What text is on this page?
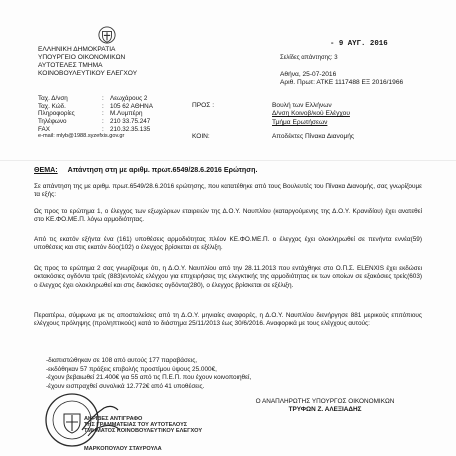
ΕΛΛΗΝΙΚΗ ΔΗΜΟΚΡΑΤΙΑ
ΥΠΟΥΡΓΕΙΟ ΟΙΚΟΝΟΜΙΚΩΝ
ΑΥΤΟΤΕΛΕΣ ΤΜΗΜΑ
ΚΟΙΝΟΒΟΥΛΕΥΤΙΚΟΥ ΕΛΕΓΧΟΥ
Ταχ. Δ/νση	: Λεωχάρους 2
Ταχ. Κώδ.	: 105 62 ΑΘΗΝΑ
Πληροφορίες	: Μ.Λυμπέρη
Τηλέφωνο	: 210 33.75.247
FAX	: 210.32.35.135
e-mail: mlyb@1988.syzefxis.gov.gr
- 9 ΑΥΓ. 2016
Σελίδες απάντησης: 3
Αθήνα, 25-07-2016
Αριθ. Πρωτ: ΑΤΚΕ 1117488 ΕΞ 2016/1966
ΠΡΟΣ :	Βουλή των Ελλήνων
Δ/νση Κοινοβ/κού Ελέγχου
Τμήμα Ερωτήσεων
ΚΟΙΝ:	Αποδέκτες Πίνακα Διανομής
ΘΕΜΑ: Απάντηση στη με αριθμ. πρωτ.6549/28.6.2016 Ερώτηση.

Σε απάντηση της με αριθμ. πρωτ.6549/28.6.2016 ερώτησης, που κατατέθηκε από τους Βουλευτές του Πίνακα Διανομής, σας γνωρίζουμε τα εξής:

Ως προς το ερώτημα 1, ο έλεγχος των εξωχώριων εταιρειών της Δ.Ο.Υ. Ναυπλίου (καταργούμενης της Δ.Ο.Υ. Κρανιδίου) έχει ανατεθεί στο ΚΕ.ΦΟ.ΜΕ.Π. λόγω αρμοδιότητας.

Από τις εκατόν εξήντα ένα (161) υποθέσεις αρμοδιότητας πλέον ΚΕ.ΦΟ.ΜΕ.Π. ο έλεγχος έχει ολοκληρωθεί σε πενήντα εννέα(59) υποθέσεις και στις εκατόν δύο(102) ο έλεγχος βρίσκεται σε εξέλιξη.

Ως προς το ερώτημα 2 σας γνωρίζουμε ότι, η Δ.Ο.Υ. Ναυπλίου από την 28.11.2013 που εντάχθηκε στο Ο.Π.Σ. ELENXIS έχει εκδώσει οκτακόσιες ογδόντα τρείς (883)εντολές ελέγχου για επιχειρήσεις της ελεγκτικής της αρμοδιότητας εκ των οποίων σε εξακόσιες τρείς(603) ο έλεγχος έχει ολοκληρωθεί και στις διακόσιες ογδόντα(280), ο έλεγχος βρίσκεται σε εξέλιξη.

Περαιτέρω, σύμφωνα με τις αποσταλείσες από τη Δ.Ο.Υ. μηνιαίες αναφορές, η Δ.Ο.Υ. Ναυπλίου διενήργησε 881 μερικούς επιτόπιους ελέγχους πρόληψης (προληπτικούς) κατά το διάστημα 25/11/2013 έως 30/6/2016. Αναφορικά με τους ελέγχους αυτούς:

-διαπιστώθηκαν σε 108 από αυτούς 177 παραβάσεις,
-εκδόθηκαν 57 πράξεις επιβολής προστίμου ύψους 25.000€,
-έχουν βεβαιωθεί 21.400€ για 55 από τις Π.Ε.Π. που έχουν κοινοποιηθεί,
-έχουν εισπραχθεί συνολικά 12.772€ από 41 υποθέσεις.
ΑΚΡΙΒΕΣ ΑΝΤΙΓΡΑΦΟ
ΤΗΣ ΓΡΑΜΜΑΤΕΙΑΣ ΤΟΥ ΑΥΤΟΤΕΛΟΥΣ
ΤΜΗΜΑΤΟΣ ΚΟΙΝΟΒΟΥΛΕΥΤΙΚΟΥ ΕΛΕΓΧΟΥ
ΜΑΡΚΟΠΟΥΛΟΥ ΣΤΑΥΡΟΥΛΑ
Ο ΑΝΑΠΛΗΡΩΤΗΣ ΥΠΟΥΡΓΟΣ ΟΙΚΟΝΟΜΙΚΩΝ
ΤΡΥΦΩΝ Ζ. ΑΛΕΞΙΑΔΗΣ
